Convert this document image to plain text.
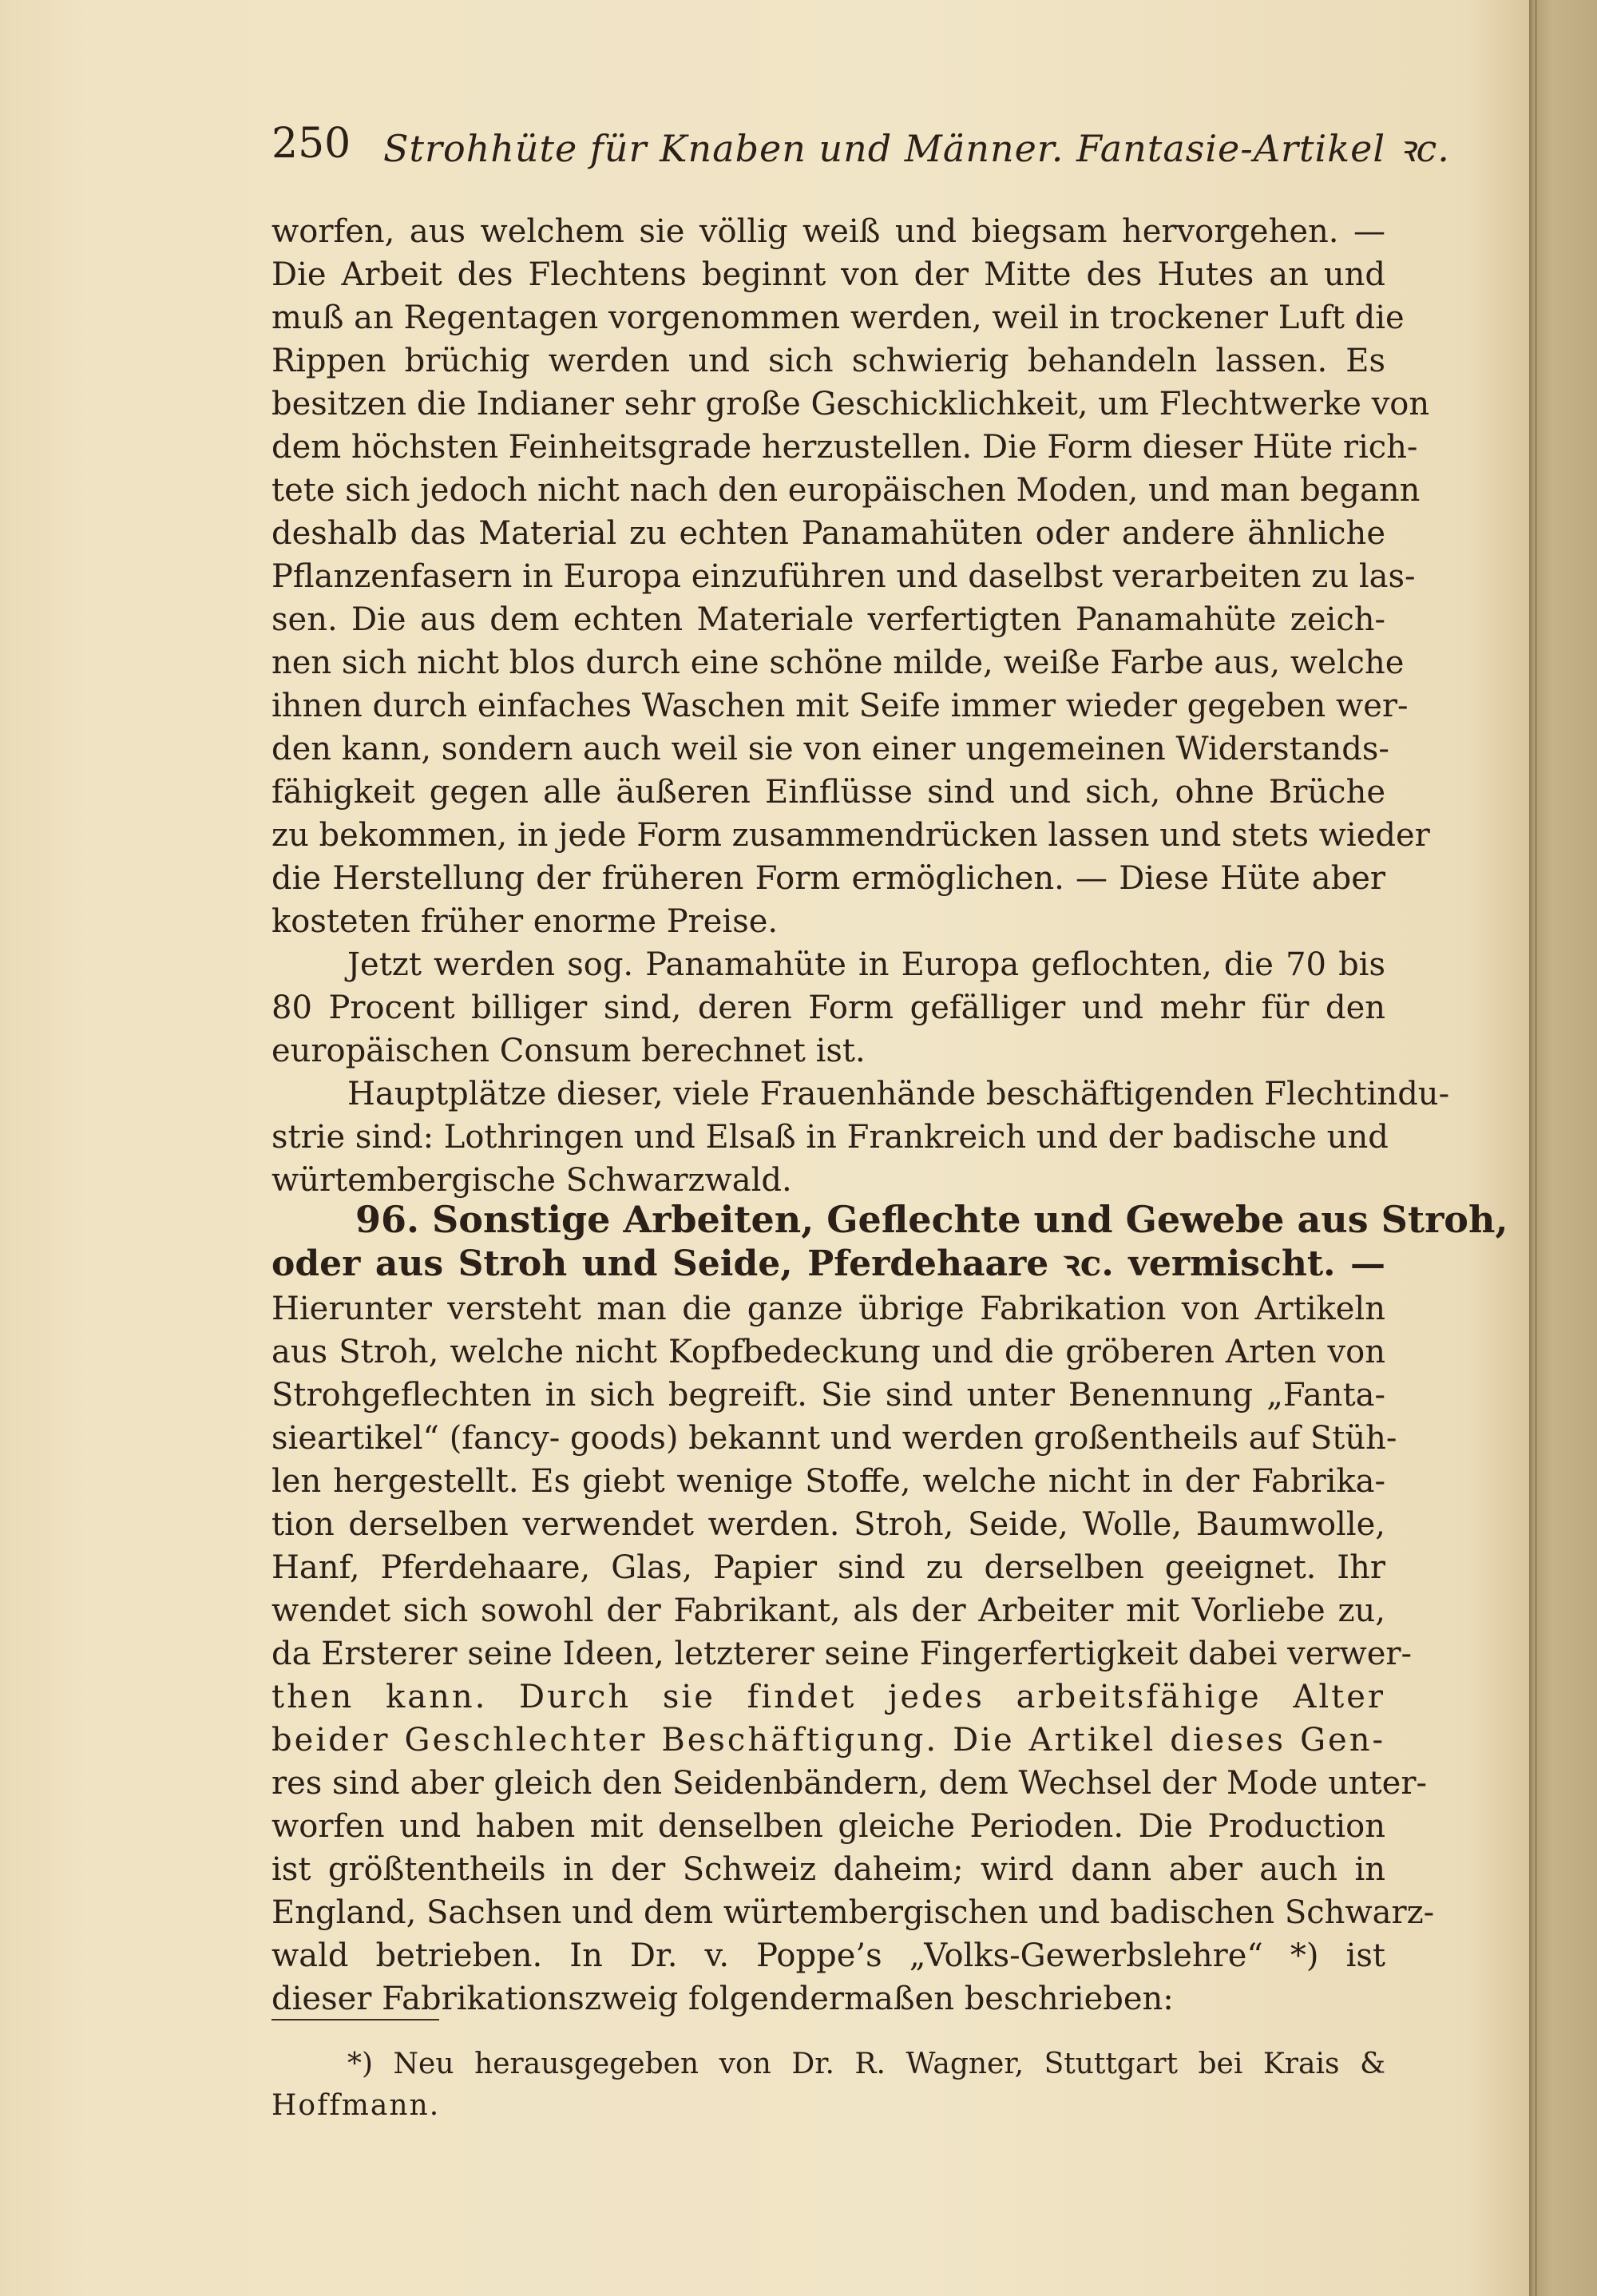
250 Strohhüte für Knaben und Männer. Fantasie-Artikel ꝛc.
worfen, aus welchem sie völlig weiß und biegsam hervorgehen. —
Die Arbeit des Flechtens beginnt von der Mitte des Hutes an und
muß an Regentagen vorgenommen werden, weil in trockener Luft die
Rippen brüchig werden und sich schwierig behandeln lassen. Es
besitzen die Indianer sehr große Geschicklichkeit, um Flechtwerke von
dem höchsten Feinheitsgrade herzustellen. Die Form dieser Hüte rich-
tete sich jedoch nicht nach den europäischen Moden, und man begann
deshalb das Material zu echten Panamahüten oder andere ähnliche
Pflanzenfasern in Europa einzuführen und daselbst verarbeiten zu las-
sen. Die aus dem echten Materiale verfertigten Panamahüte zeich-
nen sich nicht blos durch eine schöne milde, weiße Farbe aus, welche
ihnen durch einfaches Waschen mit Seife immer wieder gegeben wer-
den kann, sondern auch weil sie von einer ungemeinen Widerstands-
fähigkeit gegen alle äußeren Einflüsse sind und sich, ohne Brüche
zu bekommen, in jede Form zusammendrücken lassen und stets wieder
die Herstellung der früheren Form ermöglichen. — Diese Hüte aber
kosteten früher enorme Preise.
Jetzt werden sog. Panamahüte in Europa geflochten, die 70 bis
80 Procent billiger sind, deren Form gefälliger und mehr für den
europäischen Consum berechnet ist.
Hauptplätze dieser, viele Frauenhände beschäftigenden Flechtindu-
strie sind: Lothringen und Elsaß in Frankreich und der badische und
würtembergische Schwarzwald.
96. Sonstige Arbeiten, Geflechte und Gewebe aus Stroh,
oder aus Stroh und Seide, Pferdehaare ꝛc. vermischt. —
Hierunter versteht man die ganze übrige Fabrikation von Artikeln
aus Stroh, welche nicht Kopfbedeckung und die gröberen Arten von
Strohgeflechten in sich begreift. Sie sind unter Benennung „Fanta-
sieartikel“ (fancy- goods) bekannt und werden großentheils auf Stüh-
len hergestellt. Es giebt wenige Stoffe, welche nicht in der Fabrika-
tion derselben verwendet werden. Stroh, Seide, Wolle, Baumwolle,
Hanf, Pferdehaare, Glas, Papier sind zu derselben geeignet. Ihr
wendet sich sowohl der Fabrikant, als der Arbeiter mit Vorliebe zu,
da Ersterer seine Ideen, letzterer seine Fingerfertigkeit dabei verwer-
then kann. Durch sie findet jedes arbeitsfähige Alter
beider Geschlechter Beschäftigung. Die Artikel dieses Gen-
res sind aber gleich den Seidenbändern, dem Wechsel der Mode unter-
worfen und haben mit denselben gleiche Perioden. Die Production
ist größtentheils in der Schweiz daheim; wird dann aber auch in
England, Sachsen und dem würtembergischen und badischen Schwarz-
wald betrieben. In Dr. v. Poppe’s „Volks-Gewerbslehre“ *) ist
dieser Fabrikationszweig folgendermaßen beschrieben:
*) Neu herausgegeben von Dr. R. Wagner, Stuttgart bei Krais &
Hoffmann.
